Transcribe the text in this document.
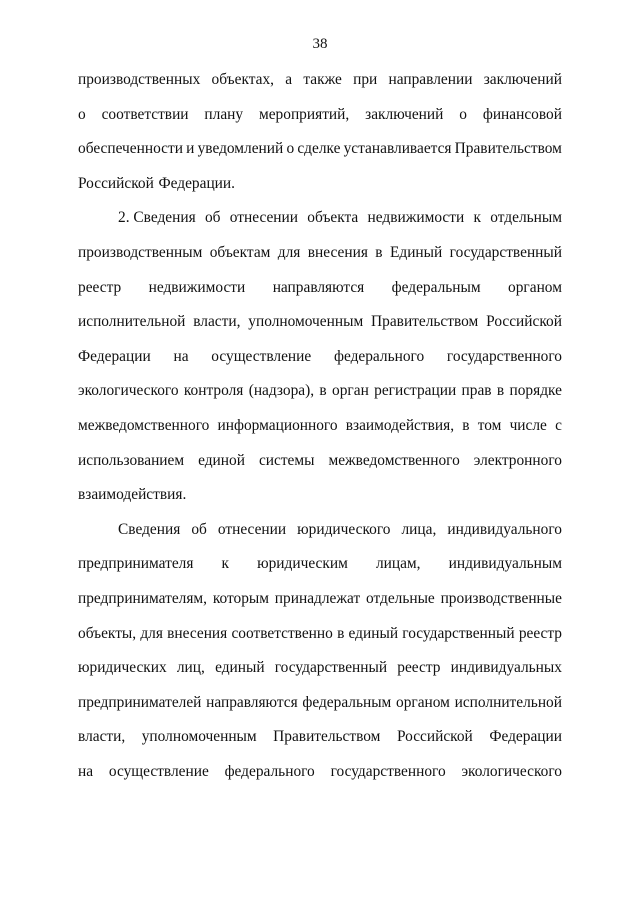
38
производственных объектах, а также при направлении заключений
о соответствии плану мероприятий, заключений о финансовой
обеспеченности и уведомлений о сделке устанавливается Правительством
Российской Федерации.
2. Сведения об отнесении объекта недвижимости к отдельным
производственным объектам для внесения в Единый государственный
реестр недвижимости направляются федеральным органом
исполнительной власти, уполномоченным Правительством Российской
Федерации на осуществление федерального государственного
экологического контроля (надзора), в орган регистрации прав в порядке
межведомственного информационного взаимодействия, в том числе с
использованием единой системы межведомственного электронного
взаимодействия.
Сведения об отнесении юридического лица, индивидуального
предпринимателя к юридическим лицам, индивидуальным
предпринимателям, которым принадлежат отдельные производственные
объекты, для внесения соответственно в единый государственный реестр
юридических лиц, единый государственный реестр индивидуальных
предпринимателей направляются федеральным органом исполнительной
власти, уполномоченным Правительством Российской Федерации
на осуществление федерального государственного экологического
